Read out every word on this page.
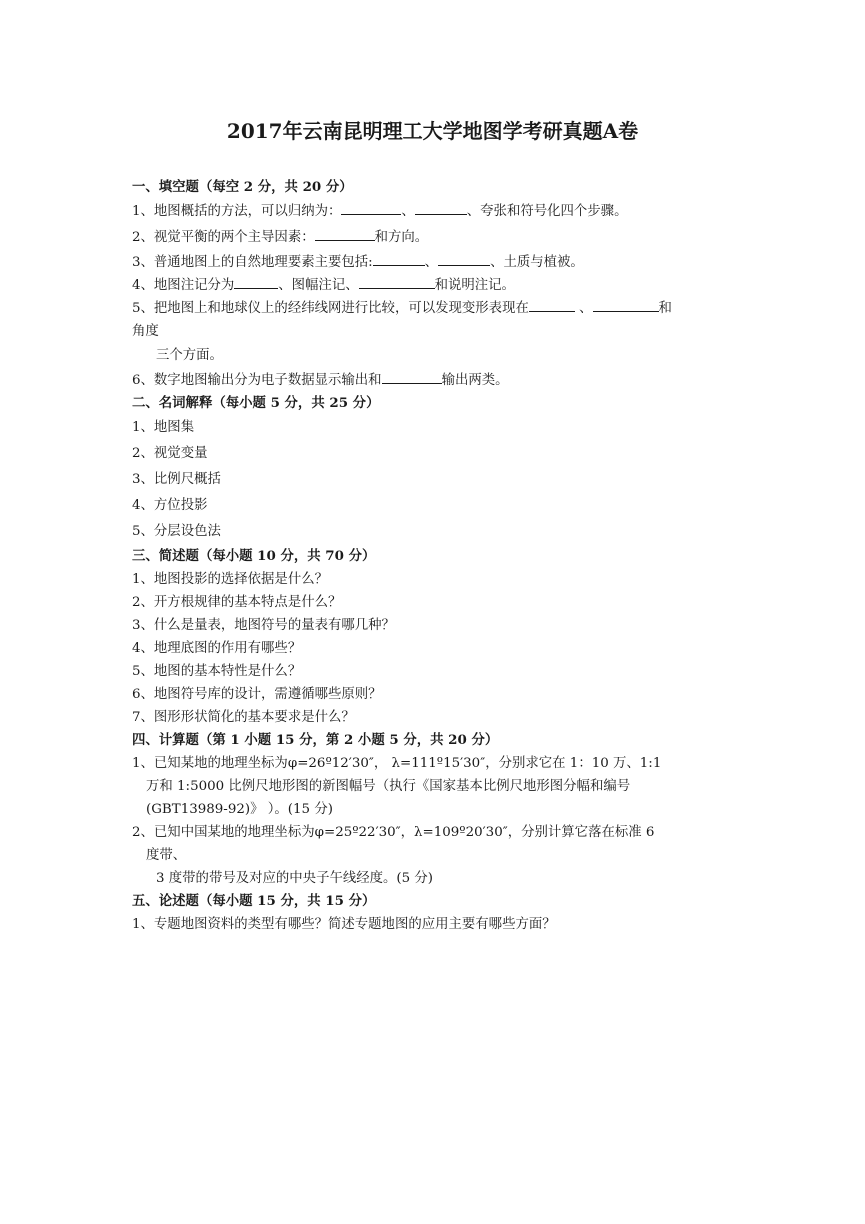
2017年云南昆明理工大学地图学考研真题A卷
一、填空题（每空 2 分，共 20 分）
1、地图概括的方法，可以归纳为：	、	、夸张和符号化四个步骤。
2、视觉平衡的两个主导因素：	和方向。
3、普通地图上的自然地理要素主要包括:	、	、土质与植被。
4、地图注记分为	、图幅注记、	和说明注记。
5、把地图上和地球仪上的经纬线网进行比较，可以发现变形表现在	、	和
角度
三个方面。
6、数字地图输出分为电子数据显示输出和	输出两类。
二、名词解释（每小题 5 分，共 25 分）
1、地图集
2、视觉变量
3、比例尺概括
4、方位投影
5、分层设色法
三、简述题（每小题 10 分，共 70 分）
1、地图投影的选择依据是什么？
2、开方根规律的基本特点是什么？
3、什么是量表，地图符号的量表有哪几种？
4、地理底图的作用有哪些？
5、地图的基本特性是什么？
6、地图符号库的设计，需遵循哪些原则？
7、图形形状简化的基本要求是什么？
四、计算题（第 1 小题 15 分，第 2 小题 5 分，共 20 分）
1、已知某地的地理坐标为φ=26º12′30″， λ=111º15′30″，分别求它在 1：10 万、1:1
万和 1:5000 比例尺地形图的新图幅号（执行《国家基本比例尺地形图分幅和编号
(GBT13989-92)》 ）。(15 分)
2、已知中国某地的地理坐标为φ=25º22′30″，λ=109º20′30″，分别计算它落在标准 6
度带、
3 度带的带号及对应的中央子午线经度。(5 分)
五、论述题（每小题 15 分，共 15 分）
1、专题地图资料的类型有哪些？简述专题地图的应用主要有哪些方面？
